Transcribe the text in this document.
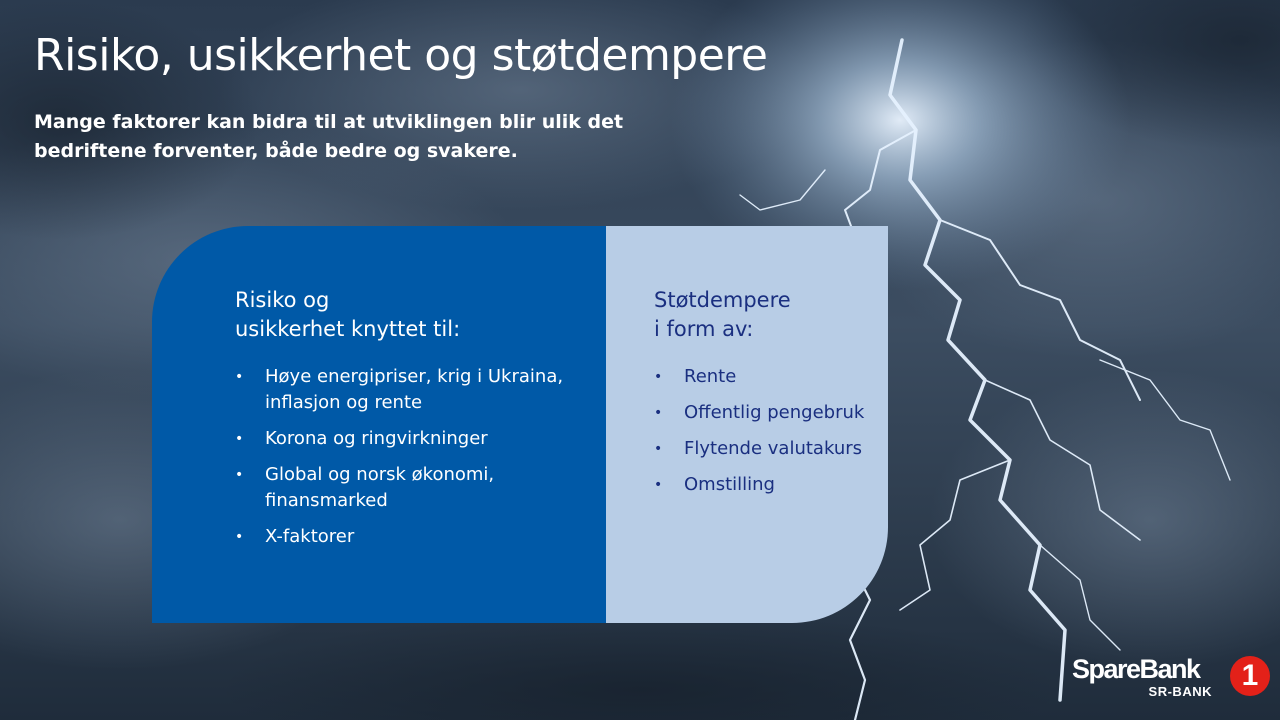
Risiko, usikkerhet og støtdempere

Mange faktorer kan bidra til at utviklingen blir ulik det bedriftene forventer, både bedre og svakere.

Risiko og
usikkerhet knyttet til:
• Høye energipriser, krig i Ukraina, inflasjon og rente
• Korona og ringvirkninger
• Global og norsk økonomi, finansmarked
• X-faktorer
Støtdempere
i form av:
• Rente
• Offentlig pengebruk
• Flytende valutakurs
• Omstilling
SpareBank	1
SR-BANK
